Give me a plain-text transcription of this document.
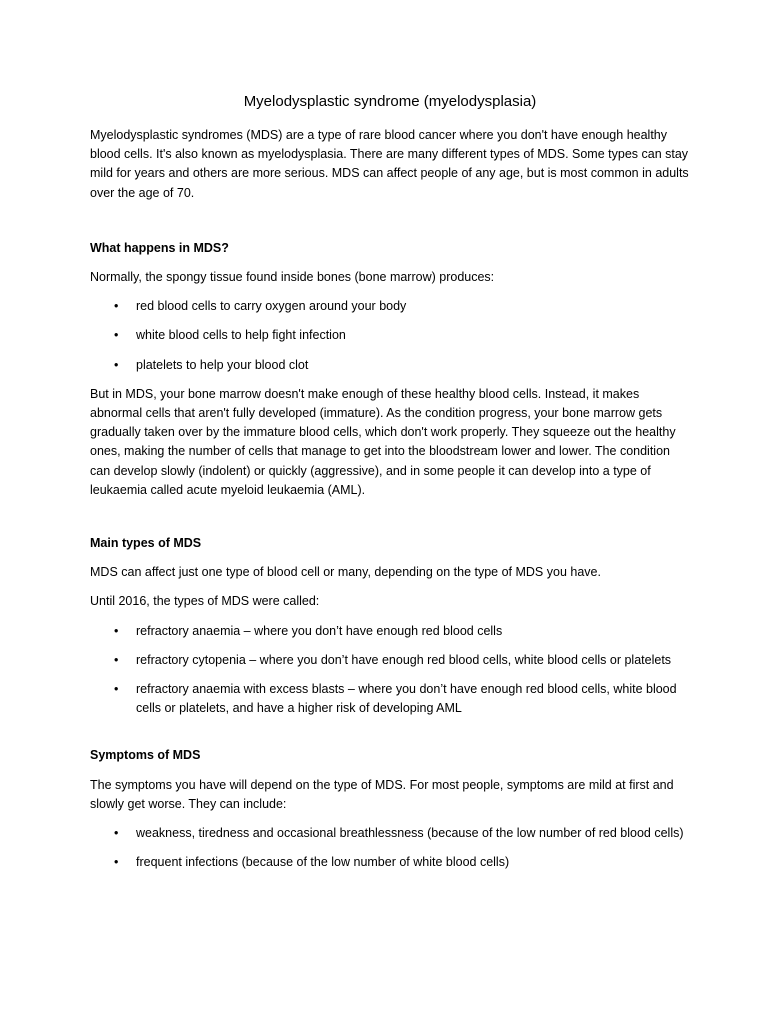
Myelodysplastic syndrome (myelodysplasia)

Myelodysplastic syndromes (MDS) are a type of rare blood cancer where you don't have enough healthy blood cells. It's also known as myelodysplasia. There are many different types of MDS. Some types can stay mild for years and others are more serious. MDS can affect people of any age, but is most common in adults over the age of 70.

What happens in MDS?

Normally, the spongy tissue found inside bones (bone marrow) produces:

• red blood cells to carry oxygen around your body
• white blood cells to help fight infection
• platelets to help your blood clot

But in MDS, your bone marrow doesn't make enough of these healthy blood cells. Instead, it makes abnormal cells that aren't fully developed (immature). As the condition progress, your bone marrow gets gradually taken over by the immature blood cells, which don't work properly. They squeeze out the healthy ones, making the number of cells that manage to get into the bloodstream lower and lower. The condition can develop slowly (indolent) or quickly (aggressive), and in some people it can develop into a type of leukaemia called acute myeloid leukaemia (AML).

Main types of MDS

MDS can affect just one type of blood cell or many, depending on the type of MDS you have.

Until 2016, the types of MDS were called:

• refractory anaemia – where you don’t have enough red blood cells
• refractory cytopenia – where you don’t have enough red blood cells, white blood cells or platelets
• refractory anaemia with excess blasts – where you don’t have enough red blood cells, white blood cells or platelets, and have a higher risk of developing AML

Symptoms of MDS

The symptoms you have will depend on the type of MDS. For most people, symptoms are mild at first and slowly get worse. They can include:

• weakness, tiredness and occasional breathlessness (because of the low number of red blood cells)
• frequent infections (because of the low number of white blood cells)
